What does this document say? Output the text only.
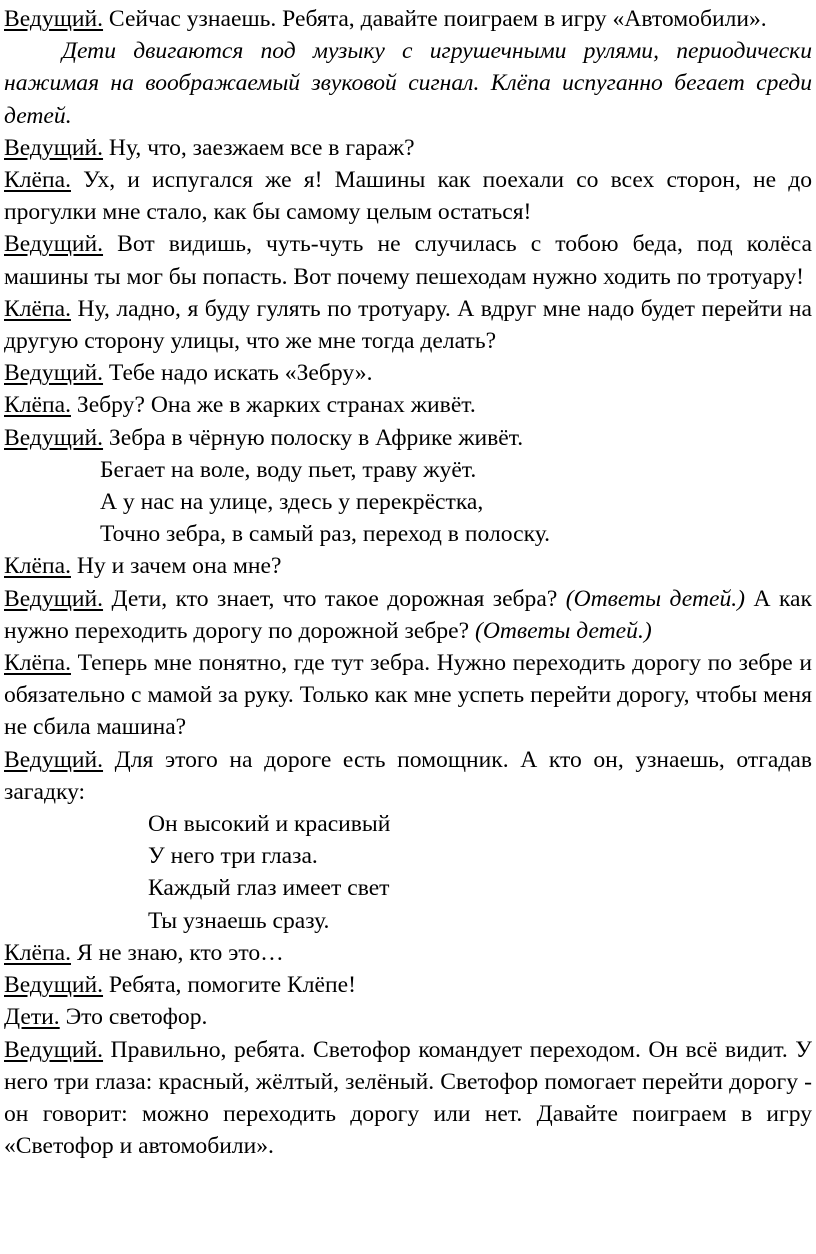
Ведущий. Сейчас узнаешь. Ребята, давайте поиграем в игру «Автомобили».

Дети двигаются под музыку с игрушечными рулями, периодически нажимая на воображаемый звуковой сигнал. Клёпа испуганно бегает среди детей.

Ведущий. Ну, что, заезжаем все в гараж?

Клёпа. Ух, и испугался же я! Машины как поехали со всех сторон, не до прогулки мне стало, как бы самому целым остаться!

Ведущий. Вот видишь, чуть-чуть не случилась с тобою беда, под колёса машины ты мог бы попасть. Вот почему пешеходам нужно ходить по тротуару!

Клёпа. Ну, ладно, я буду гулять по тротуару. А вдруг мне надо будет перейти на другую сторону улицы, что же мне тогда делать?

Ведущий. Тебе надо искать «Зебру».

Клёпа. Зебру? Она же в жарких странах живёт.

Ведущий. Зебра в чёрную полоску в Африке живёт.

Бегает на воле, воду пьет, траву жуёт.

А у нас на улице, здесь у перекрёстка,

Точно зебра, в самый раз, переход в полоску.

Клёпа. Ну и зачем она мне?

Ведущий. Дети, кто знает, что такое дорожная зебра? (Ответы детей.) А как нужно переходить дорогу по дорожной зебре? (Ответы детей.)

Клёпа. Теперь мне понятно, где тут зебра. Нужно переходить дорогу по зебре и обязательно с мамой за руку. Только как мне успеть перейти дорогу, чтобы меня не сбила машина?

Ведущий. Для этого на дороге есть помощник. А кто он, узнаешь, отгадав загадку:

Он высокий и красивый

У него три глаза.

Каждый глаз имеет свет

Ты узнаешь сразу.

Клёпа. Я не знаю, кто это…

Ведущий. Ребята, помогите Клёпе!

Дети. Это светофор.

Ведущий. Правильно, ребята. Светофор командует переходом. Он всё видит. У него три глаза: красный, жёлтый, зелёный. Светофор помогает перейти дорогу - он говорит: можно переходить дорогу или нет. Давайте поиграем в игру «Светофор и автомобили».
